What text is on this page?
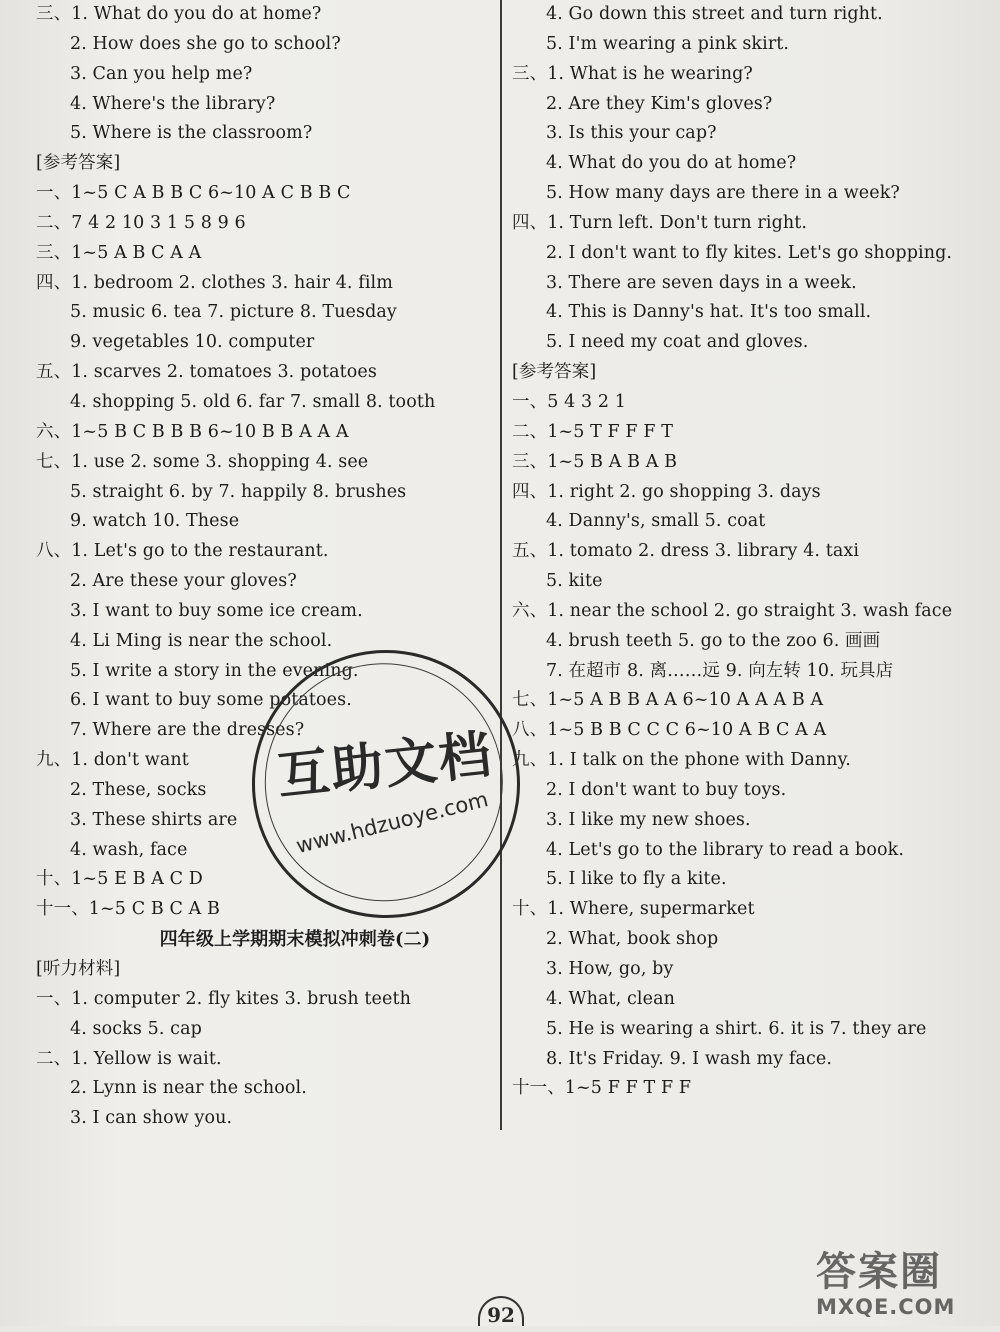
三、1. What do you do at home?
2. How does she go to school?
3. Can you help me?
4. Where's the library?
5. Where is the classroom?
[参考答案]
一、1~5 C A B B C 6~10 A C B B C
二、7 4 2 10 3 1 5 8 9 6
三、1~5 A B C A A
四、1. bedroom 2. clothes 3. hair 4. film
5. music 6. tea 7. picture 8. Tuesday
9. vegetables 10. computer
五、1. scarves 2. tomatoes 3. potatoes
4. shopping 5. old 6. far 7. small 8. tooth
六、1~5 B C B B B 6~10 B B A A A
七、1. use 2. some 3. shopping 4. see
5. straight 6. by 7. happily 8. brushes
9. watch 10. These
八、1. Let's go to the restaurant.
2. Are these your gloves?
3. I want to buy some ice cream.
4. Li Ming is near the school.
5. I write a story in the evening.
6. I want to buy some potatoes.
7. Where are the dresses?
九、1. don't want
2. These, socks
3. These shirts are
4. wash, face
十、1~5 E B A C D
十一、1~5 C B C A B
四年级上学期期末模拟冲刺卷(二)
[听力材料]
一、1. computer 2. fly kites 3. brush teeth
4. socks 5. cap
二、1. Yellow is wait.
2. Lynn is near the school.
3. I can show you.
4. Go down this street and turn right.
5. I'm wearing a pink skirt.
三、1. What is he wearing?
2. Are they Kim's gloves?
3. Is this your cap?
4. What do you do at home?
5. How many days are there in a week?
四、1. Turn left. Don't turn right.
2. I don't want to fly kites. Let's go shopping.
3. There are seven days in a week.
4. This is Danny's hat. It's too small.
5. I need my coat and gloves.
[参考答案]
一、5 4 3 2 1
二、1~5 T F F F T
三、1~5 B A B A B
四、1. right 2. go shopping 3. days
4. Danny's, small 5. coat
五、1. tomato 2. dress 3. library 4. taxi
5. kite
六、1. near the school 2. go straight 3. wash face
4. brush teeth 5. go to the zoo 6. 画画
7. 在超市 8. 离……远 9. 向左转 10. 玩具店
七、1~5 A B B A A 6~10 A A A B A
八、1~5 B B C C C 6~10 A B C A A
九、1. I talk on the phone with Danny.
2. I don't want to buy toys.
3. I like my new shoes.
4. Let's go to the library to read a book.
5. I like to fly a kite.
十、1. Where, supermarket
2. What, book shop
3. How, go, by
4. What, clean
5. He is wearing a shirt. 6. it is 7. they are
8. It's Friday. 9. I wash my face.
十一、1~5 F F T F F
互助文档
www.hdzuoye.com
92
答案圈
MXQE.COM
